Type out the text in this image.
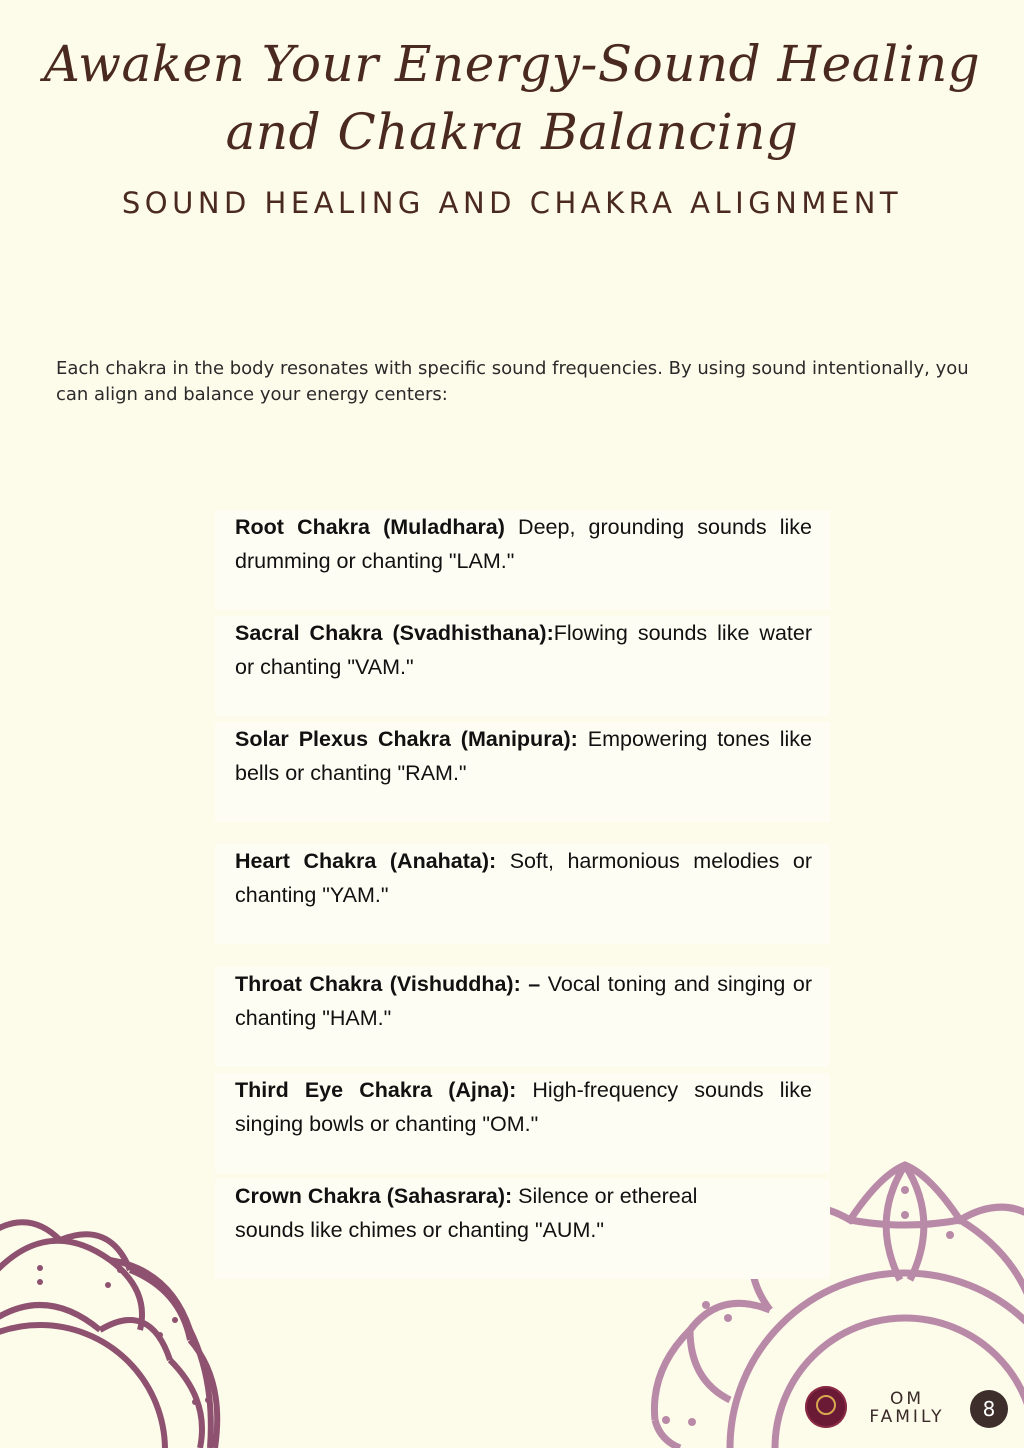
Awaken Your Energy-Sound Healing
and Chakra Balancing
SOUND HEALING AND CHAKRA ALIGNMENT

Each chakra in the body resonates with specific sound frequencies. By using sound intentionally, you can align and balance your energy centers:

Root Chakra (Muladhara) Deep, grounding sounds like drumming or chanting "LAM."
Sacral Chakra (Svadhisthana):Flowing sounds like water or chanting "VAM."
Solar Plexus Chakra (Manipura): Empowering tones like bells or chanting "RAM."
Heart Chakra (Anahata): Soft, harmonious melodies or chanting "YAM."
Throat Chakra (Vishuddha): – Vocal toning and singing or chanting "HAM."
Third Eye Chakra (Ajna): High-frequency sounds like singing bowls or chanting "OM."
Crown Chakra (Sahasrara): Silence or ethereal sounds like chimes or chanting "AUM."
OM
FAMILY	8
